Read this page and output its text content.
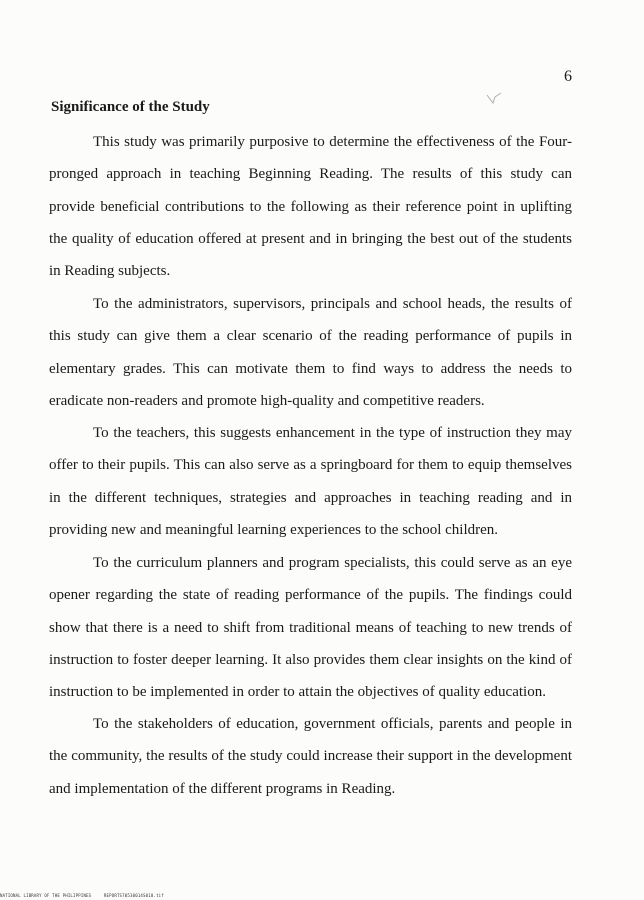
6
Significance of the Study

This study was primarily purposive to determine the effectiveness of the Four-pronged approach in teaching Beginning Reading. The results of this study can provide beneficial contributions to the following as their reference point in uplifting the quality of education offered at present and in bringing the best out of the students in Reading subjects.

To the administrators, supervisors, principals and school heads, the results of this study can give them a clear scenario of the reading performance of pupils in elementary grades. This can motivate them to find ways to address the needs to eradicate non-readers and promote high-quality and competitive readers.

To the teachers, this suggests enhancement in the type of instruction they may offer to their pupils. This can also serve as a springboard for them to equip themselves in the different techniques, strategies and approaches in teaching reading and in providing new and meaningful learning experiences to the school children.

To the curriculum planners and program specialists, this could serve as an eye opener regarding the state of reading performance of the pupils. The findings could show that there is a need to shift from traditional means of teaching to new trends of instruction to foster deeper learning. It also provides them clear insights on the kind of instruction to be implemented in order to attain the objectives of quality education.

To the stakeholders of education, government officials, parents and people in the community, the results of the study could increase their support in the development and implementation of the different programs in Reading.

NATIONAL LIBRARY OF THE PHILIPPINES	REPORTS70530014S010.tif
